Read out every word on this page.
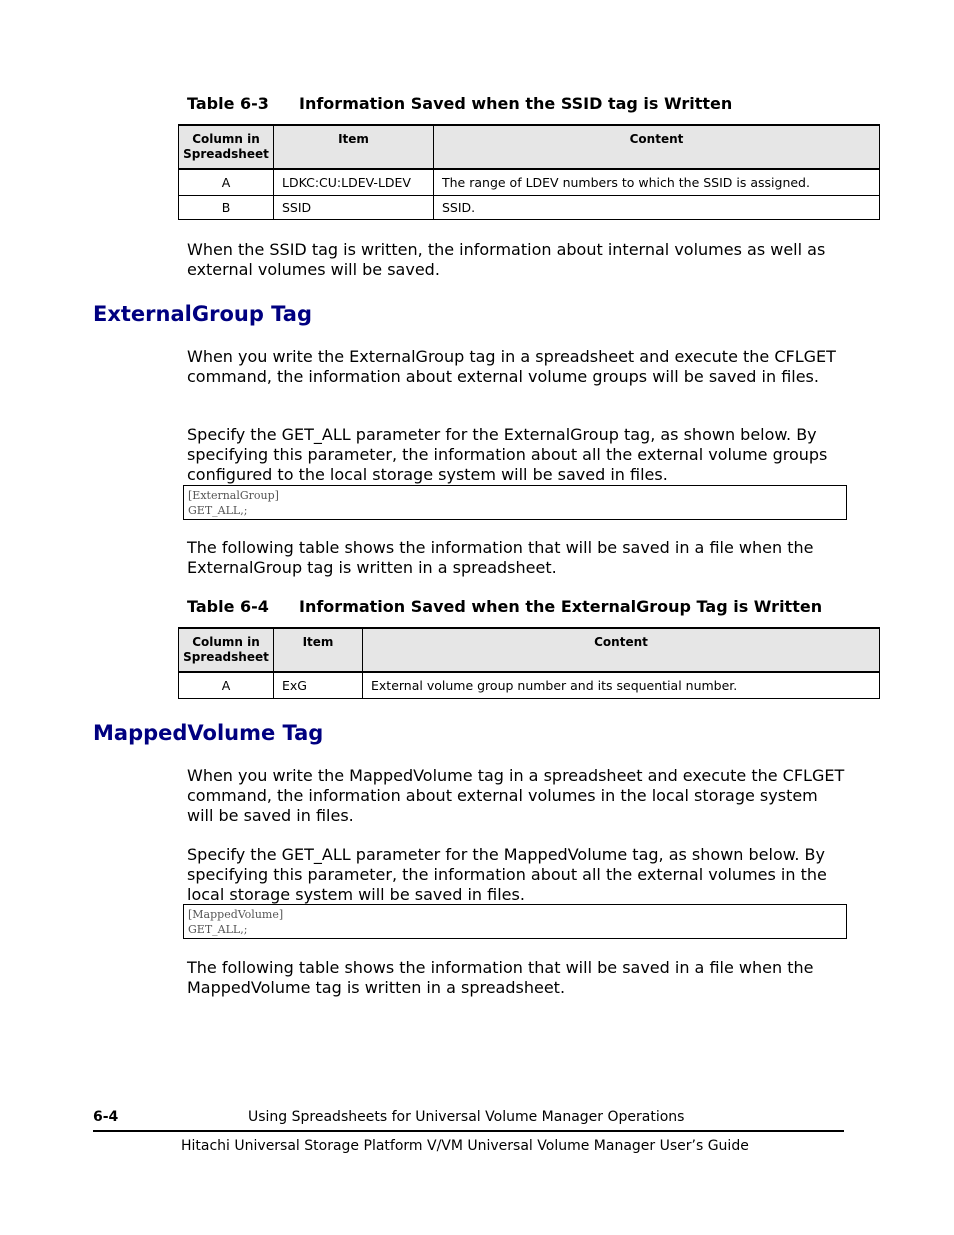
Table 6-3 Information Saved when the SSID tag is Written
Column in Spreadsheet	Item	Content
A	LDKC:CU:LDEV-LDEV	The range of LDEV numbers to which the SSID is assigned.
B	SSID	SSID.
When the SSID tag is written, the information about internal volumes as well as external volumes will be saved.
ExternalGroup Tag
When you write the ExternalGroup tag in a spreadsheet and execute the CFLGET command, the information about external volume groups will be saved in files.
Specify the GET_ALL parameter for the ExternalGroup tag, as shown below. By specifying this parameter, the information about all the external volume groups configured to the local storage system will be saved in files.
[ExternalGroup]
GET_ALL,;
The following table shows the information that will be saved in a file when the ExternalGroup tag is written in a spreadsheet.
Table 6-4 Information Saved when the ExternalGroup Tag is Written
Column in Spreadsheet	Item	Content
A	ExG	External volume group number and its sequential number.
MappedVolume Tag
When you write the MappedVolume tag in a spreadsheet and execute the CFLGET command, the information about external volumes in the local storage system will be saved in files.
Specify the GET_ALL parameter for the MappedVolume tag, as shown below. By specifying this parameter, the information about all the external volumes in the local storage system will be saved in files.
[MappedVolume]
GET_ALL,;
The following table shows the information that will be saved in a file when the MappedVolume tag is written in a spreadsheet.
6-4	Using Spreadsheets for Universal Volume Manager Operations
Hitachi Universal Storage Platform V/VM Universal Volume Manager User’s Guide
